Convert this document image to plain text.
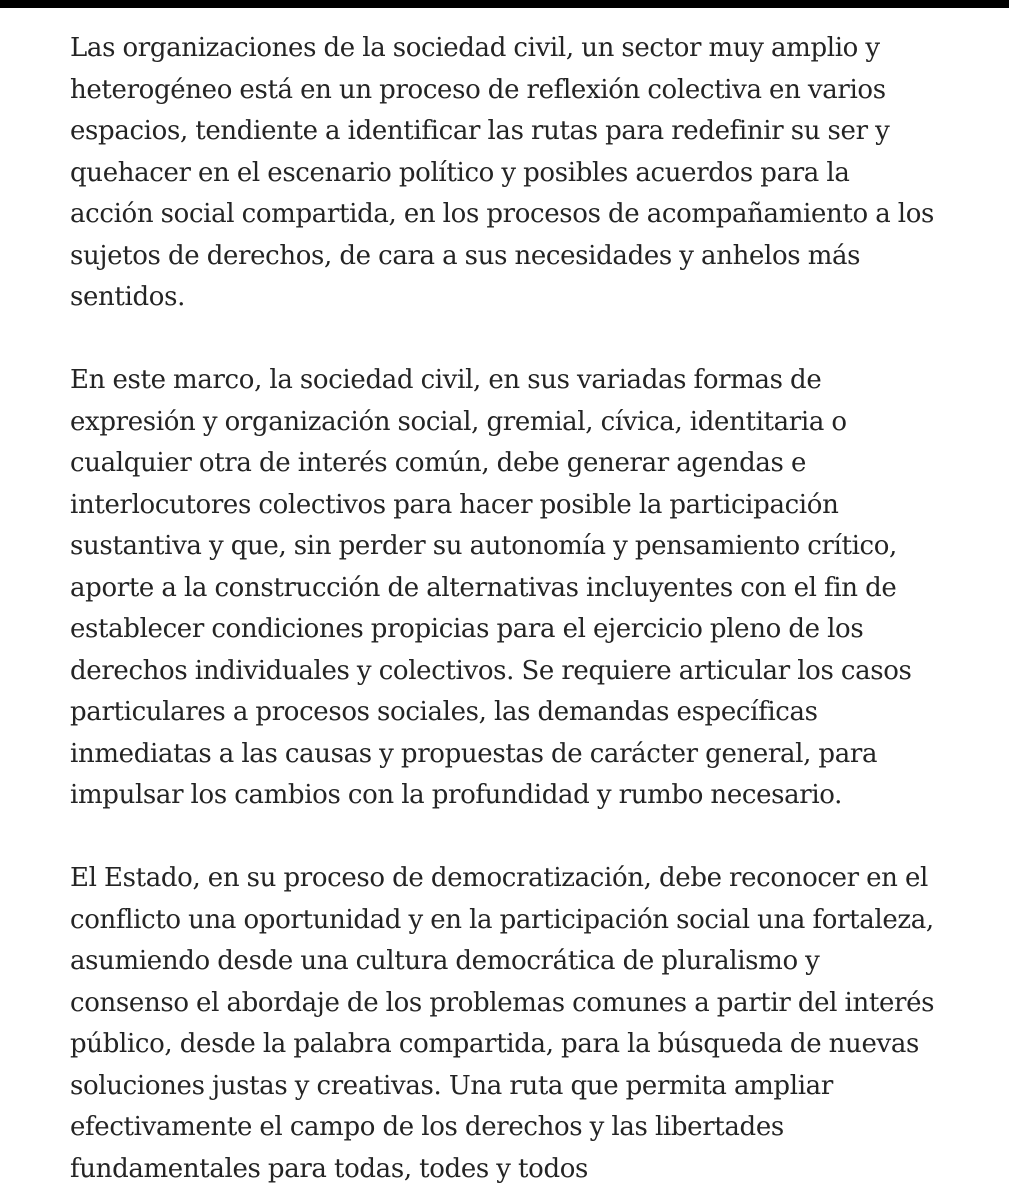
Las organizaciones de la sociedad civil, un sector muy amplio y heterogéneo está en un proceso de reflexión colectiva en varios espacios, tendiente a identificar las rutas para redefinir su ser y quehacer en el escenario político y posibles acuerdos para la acción social compartida, en los procesos de acompañamiento a los sujetos de derechos, de cara a sus necesidades y anhelos más sentidos.

En este marco, la sociedad civil, en sus variadas formas de expresión y organización social, gremial, cívica, identitaria o cualquier otra de interés común, debe generar agendas e interlocutores colectivos para hacer posible la participación sustantiva y que, sin perder su autonomía y pensamiento crítico, aporte a la construcción de alternativas incluyentes con el fin de establecer condiciones propicias para el ejercicio pleno de los derechos individuales y colectivos. Se requiere articular los casos particulares a procesos sociales, las demandas específicas inmediatas a las causas y propuestas de carácter general, para impulsar los cambios con la profundidad y rumbo necesario.

El Estado, en su proceso de democratización, debe reconocer en el conflicto una oportunidad y en la participación social una fortaleza, asumiendo desde una cultura democrática de pluralismo y consenso el abordaje de los problemas comunes a partir del interés público, desde la palabra compartida, para la búsqueda de nuevas soluciones justas y creativas. Una ruta que permita ampliar efectivamente el campo de los derechos y las libertades fundamentales para todas, todes y todos
